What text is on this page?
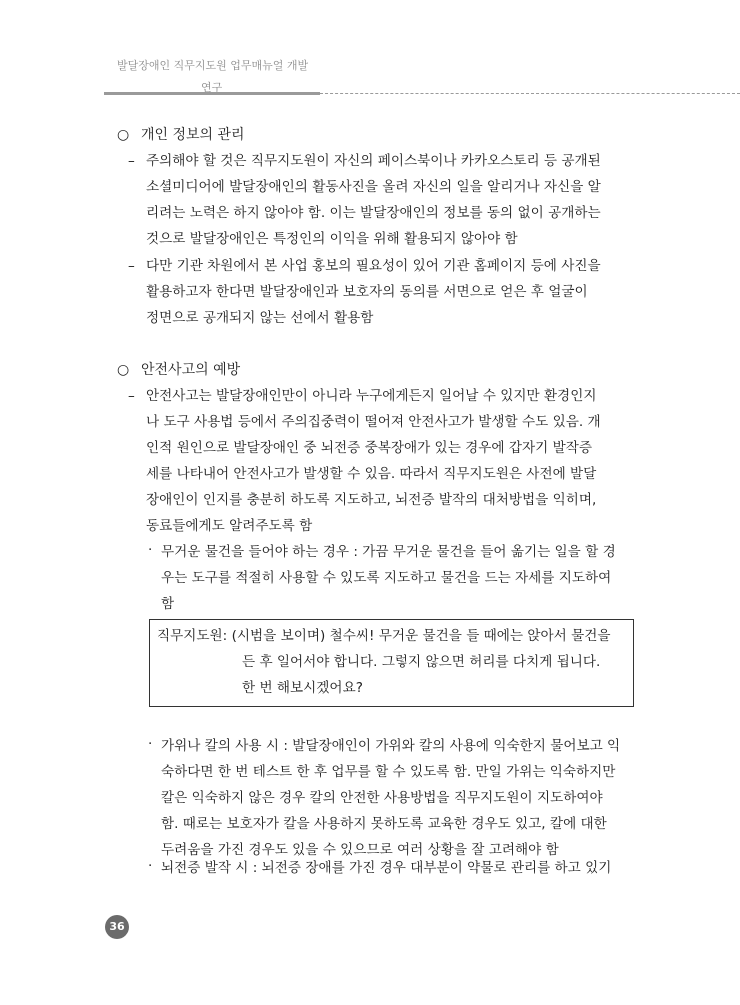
발달장애인 직무지도원 업무매뉴얼 개발
연구
○ 개인 정보의 관리
– 주의해야 할 것은 직무지도원이 자신의 페이스북이나 카카오스토리 등 공개된
소셜미디어에 발달장애인의 활동사진을 올려 자신의 일을 알리거나 자신을 알
리려는 노력은 하지 않아야 함. 이는 발달장애인의 정보를 동의 없이 공개하는
것으로 발달장애인은 특정인의 이익을 위해 활용되지 않아야 함
– 다만 기관 차원에서 본 사업 홍보의 필요성이 있어 기관 홈페이지 등에 사진을
활용하고자 한다면 발달장애인과 보호자의 동의를 서면으로 얻은 후 얼굴이
정면으로 공개되지 않는 선에서 활용함
○ 안전사고의 예방
– 안전사고는 발달장애인만이 아니라 누구에게든지 일어날 수 있지만 환경인지
나 도구 사용법 등에서 주의집중력이 떨어져 안전사고가 발생할 수도 있음. 개
인적 원인으로 발달장애인 중 뇌전증 중복장애가 있는 경우에 갑자기 발작증
세를 나타내어 안전사고가 발생할 수 있음. 따라서 직무지도원은 사전에 발달
장애인이 인지를 충분히 하도록 지도하고, 뇌전증 발작의 대처방법을 익히며,
동료들에게도 알려주도록 함
· 무거운 물건을 들어야 하는 경우 : 가끔 무거운 물건을 들어 옮기는 일을 할 경
우는 도구를 적절히 사용할 수 있도록 지도하고 물건을 드는 자세를 지도하여
함
직무지도원: (시범을 보이며) 철수씨! 무거운 물건을 들 때에는 앉아서 물건을
든 후 일어서야 합니다. 그렇지 않으면 허리를 다치게 됩니다.
한 번 해보시겠어요?
· 가위나 칼의 사용 시 : 발달장애인이 가위와 칼의 사용에 익숙한지 물어보고 익
숙하다면 한 번 테스트 한 후 업무를 할 수 있도록 함. 만일 가위는 익숙하지만
칼은 익숙하지 않은 경우 칼의 안전한 사용방법을 직무지도원이 지도하여야
함. 때로는 보호자가 칼을 사용하지 못하도록 교육한 경우도 있고, 칼에 대한
두려움을 가진 경우도 있을 수 있으므로 여러 상황을 잘 고려해야 함
· 뇌전증 발작 시 : 뇌전증 장애를 가진 경우 대부분이 약물로 관리를 하고 있기
36
